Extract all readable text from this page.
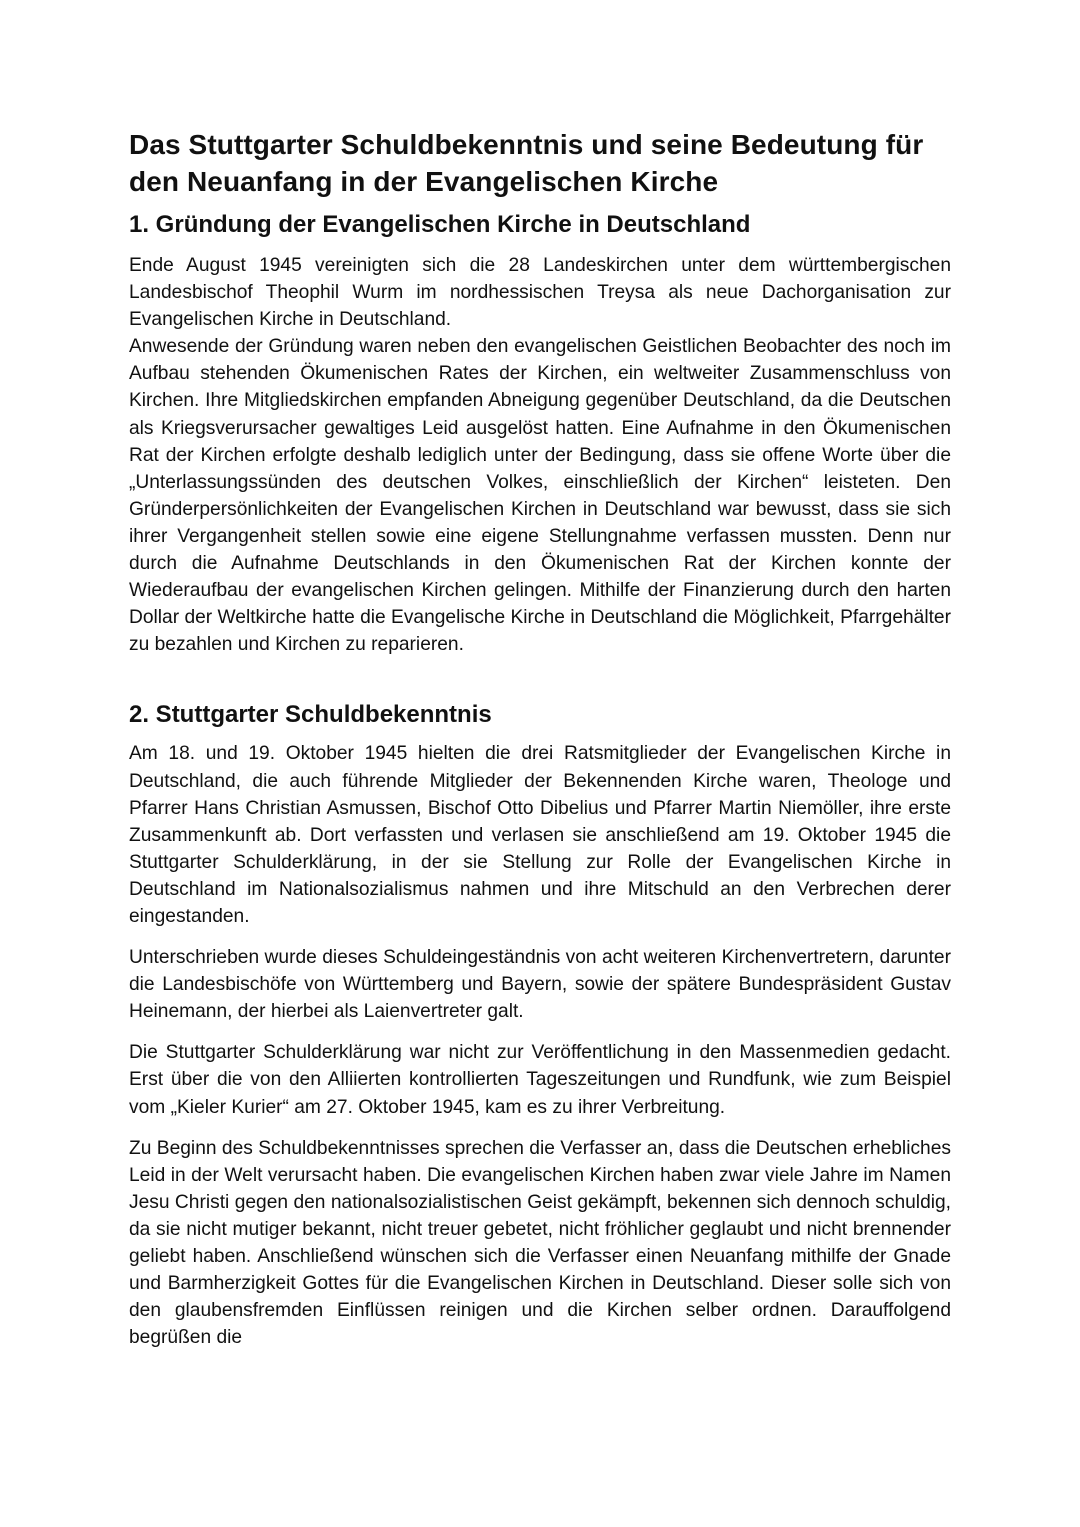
Das Stuttgarter Schuldbekenntnis und seine Bedeutung für den Neuanfang in der Evangelischen Kirche
1. Gründung der Evangelischen Kirche in Deutschland

Ende August 1945 vereinigten sich die 28 Landeskirchen unter dem württembergischen Landesbischof Theophil Wurm im nordhessischen Treysa als neue Dachorganisation zur Evangelischen Kirche in Deutschland.

Anwesende der Gründung waren neben den evangelischen Geistlichen Beobachter des noch im Aufbau stehenden Ökumenischen Rates der Kirchen, ein weltweiter Zusammenschluss von Kirchen. Ihre Mitgliedskirchen empfanden Abneigung gegenüber Deutschland, da die Deutschen als Kriegsverursacher gewaltiges Leid ausgelöst hatten. Eine Aufnahme in den Ökumenischen Rat der Kirchen erfolgte deshalb lediglich unter der Bedingung, dass sie offene Worte über die „Unterlassungssünden des deutschen Volkes, einschließlich der Kirchen“ leisteten. Den Gründerpersönlichkeiten der Evangelischen Kirchen in Deutschland war bewusst, dass sie sich ihrer Vergangenheit stellen sowie eine eigene Stellungnahme verfassen mussten. Denn nur durch die Aufnahme Deutschlands in den Ökumenischen Rat der Kirchen konnte der Wiederaufbau der evangelischen Kirchen gelingen. Mithilfe der Finanzierung durch den harten Dollar der Weltkirche hatte die Evangelische Kirche in Deutschland die Möglichkeit, Pfarrgehälter zu bezahlen und Kirchen zu reparieren.

2. Stuttgarter Schuldbekenntnis

Am 18. und 19. Oktober 1945 hielten die drei Ratsmitglieder der Evangelischen Kirche in Deutschland, die auch führende Mitglieder der Bekennenden Kirche waren, Theologe und Pfarrer Hans Christian Asmussen, Bischof Otto Dibelius und Pfarrer Martin Niemöller, ihre erste Zusammenkunft ab. Dort verfassten und verlasen sie anschließend am 19. Oktober 1945 die Stuttgarter Schulderklärung, in der sie Stellung zur Rolle der Evangelischen Kirche in Deutschland im Nationalsozialismus nahmen und ihre Mitschuld an den Verbrechen derer eingestanden.

Unterschrieben wurde dieses Schuldeingeständnis von acht weiteren Kirchenvertretern, darunter die Landesbischöfe von Württemberg und Bayern, sowie der spätere Bundespräsident Gustav Heinemann, der hierbei als Laienvertreter galt.

Die Stuttgarter Schulderklärung war nicht zur Veröffentlichung in den Massenmedien gedacht. Erst über die von den Alliierten kontrollierten Tageszeitungen und Rundfunk, wie zum Beispiel vom „Kieler Kurier“ am 27. Oktober 1945, kam es zu ihrer Verbreitung.

Zu Beginn des Schuldbekenntnisses sprechen die Verfasser an, dass die Deutschen erhebliches Leid in der Welt verursacht haben. Die evangelischen Kirchen haben zwar viele Jahre im Namen Jesu Christi gegen den nationalsozialistischen Geist gekämpft, bekennen sich dennoch schuldig, da sie nicht mutiger bekannt, nicht treuer gebetet, nicht fröhlicher geglaubt und nicht brennender geliebt haben. Anschließend wünschen sich die Verfasser einen Neuanfang mithilfe der Gnade und Barmherzigkeit Gottes für die Evangelischen Kirchen in Deutschland. Dieser solle sich von den glaubensfremden Einflüssen reinigen und die Kirchen selber ordnen. Darauffolgend begrüßen die
